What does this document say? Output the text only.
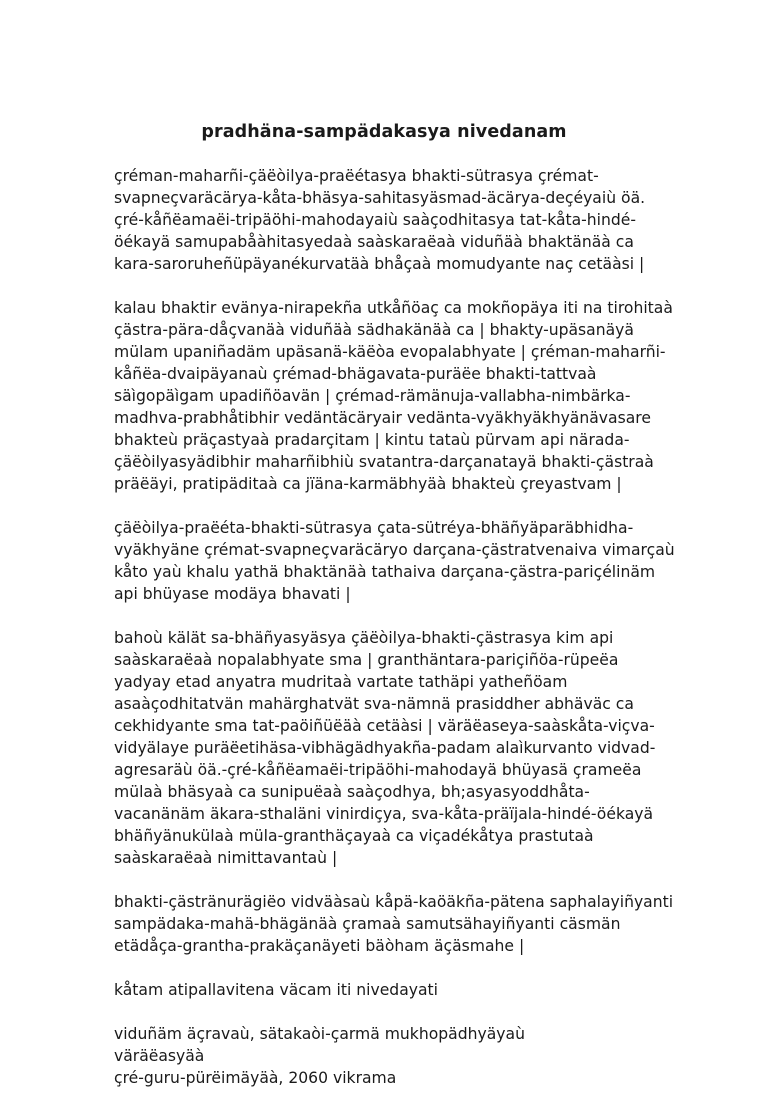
pradhäna-sampädakasya nivedanam
çréman-maharñi-çäëòilya-praëétasya bhakti-sütrasya çrémat-
svapneçvaräcärya-kåta-bhäsya-sahitasyäsmad-äcärya-deçéyaiù öä.
çré-kåñëamaëi-tripäöhi-mahodayaiù saàçodhitasya tat-kåta-hindé-
öékayä samupabåàhitasyedaà saàskaraëaà viduñäà bhaktänäà ca
kara-saroruheñüpäyanékurvatäà bhåçaà momudyante naç cetäàsi |
kalau bhaktir evänya-nirapekña utkåñöaç ca mokñopäya iti na tirohitaà
çästra-pära-dåçvanäà viduñäà sädhakänäà ca | bhakty-upäsanäyä
mülam upaniñadäm upäsanä-käëòa evopalabhyate | çréman-maharñi-
kåñëa-dvaipäyanaù çrémad-bhägavata-puräëe bhakti-tattvaà
säìgopäìgam upadiñöavän | çrémad-rämänuja-vallabha-nimbärka-
madhva-prabhåtibhir vedäntäcäryair vedänta-vyäkhyäkhyänävasare
bhakteù präçastyaà pradarçitam | kintu tataù pürvam api närada-
çäëòilyasyädibhir maharñibhiù svatantra-darçanatayä bhakti-çästraà
präëäyi, pratipäditaà ca jïäna-karmäbhyäà bhakteù çreyastvam |
çäëòilya-praëéta-bhakti-sütrasya çata-sütréya-bhäñyäparäbhidha-
vyäkhyäne çrémat-svapneçvaräcäryo darçana-çästratvenaiva vimarçaù
kåto yaù khalu yathä bhaktänäà tathaiva darçana-çästra-pariçélinäm
api bhüyase modäya bhavati |
bahoù kälät sa-bhäñyasyäsya çäëòilya-bhakti-çästrasya kim api
saàskaraëaà nopalabhyate sma | granthäntara-pariçiñöa-rüpeëa
yadyay etad anyatra mudritaà vartate tathäpi yatheñöam
asaàçodhitatvän mahärghatvät sva-nämnä prasiddher abhäväc ca
cekhidyante sma tat-paöiñüëäà cetäàsi | väräëaseya-saàskåta-viçva-
vidyälaye puräëetihäsa-vibhägädhyakña-padam alaìkurvanto vidvad-
agresaräù öä.-çré-kåñëamaëi-tripäöhi-mahodayä bhüyasä çrameëa
mülaà bhäsyaà ca sunipuëaà saàçodhya, bh;asyasyoddhåta-
vacanänäm äkara-sthaläni vinirdiçya, sva-kåta-präïjala-hindé-öékayä
bhäñyänukülaà müla-granthäçayaà ca viçadékåtya prastutaà
saàskaraëaà nimittavantaù |
bhakti-çästränurägiëo vidväàsaù kåpä-kaöäkña-pätena saphalayiñyanti
sampädaka-mahä-bhägänäà çramaà samutsähayiñyanti cäsmän
etädåça-grantha-prakäçanäyeti bäòham äçäsmahe |
kåtam atipallavitena väcam iti nivedayati
viduñäm äçravaù, sätakaòi-çarmä mukhopädhyäyaù
väräëasyäà
çré-guru-pürëimäyäà, 2060 vikrama
